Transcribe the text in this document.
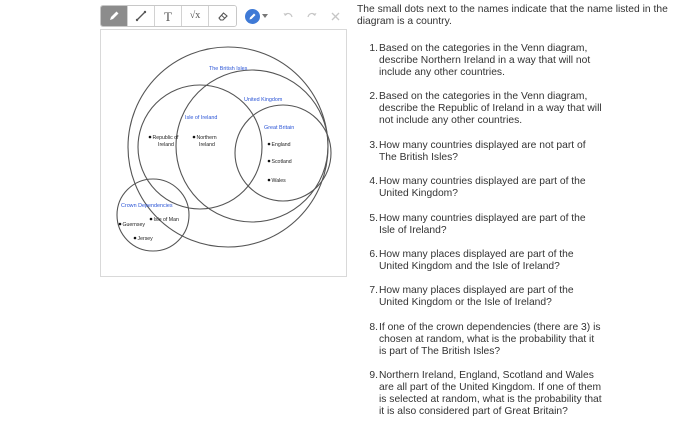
T √x
The British Isles
United Kingdom
Isle of Ireland
Great Britain
Crown Dependencies
Republic of
Ireland
Northern
Ireland	England
Scotland
Wales
Isle of Man
Guernsey
Jersey

The small dots next to the names indicate that the name listed in the diagram is a country.

1. Based on the categories in the Venn diagram, describe Northern Ireland in a way that will not include any other countries.
2. Based on the categories in the Venn diagram, describe the Republic of Ireland in a way that will not include any other countries.
3. How many countries displayed are not part of The British Isles?
4. How many countries displayed are part of the United Kingdom?
5. How many countries displayed are part of the Isle of Ireland?
6. How many places displayed are part of the United Kingdom and the Isle of Ireland?
7. How many places displayed are part of the United Kingdom or the Isle of Ireland?
8. If one of the crown dependencies (there are 3) is chosen at random, what is the probability that it is part of The British Isles?
9. Northern Ireland, England, Scotland and Wales are all part of the United Kingdom. If one of them is selected at random, what is the probability that it is also considered part of Great Britain?
